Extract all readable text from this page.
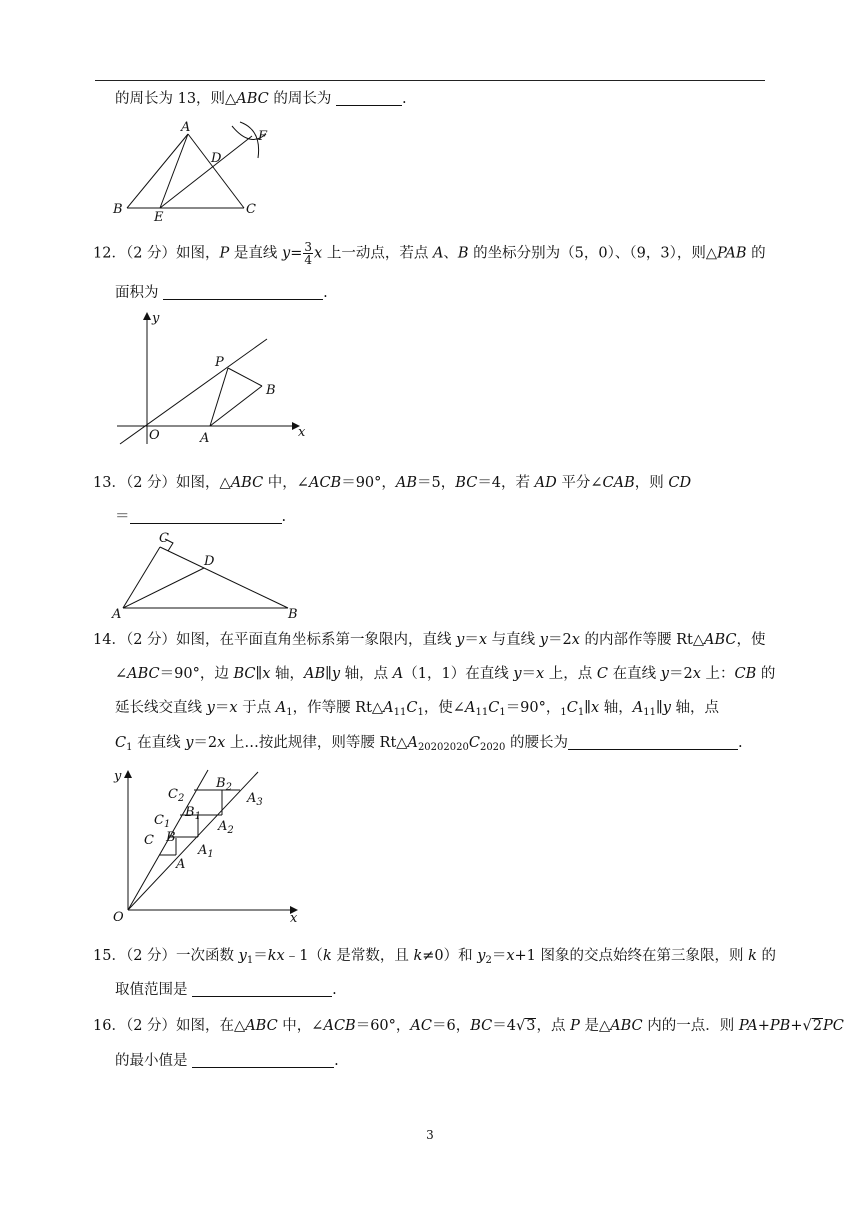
的周长为 13，则△ABC 的周长为	.
A
B	C
D
E
F
12．（2 分）如图，P 是直线 $y= \frac{3}{4}$ x 上一动点，若点 A、B 的坐标分别为（5，0）、（9，3），则△PAB 的
面积为	.
y
x
O	A
B
P
13．（2 分）如图，△ABC 中，∠ACB＝90°，AB＝5，BC＝4，若 AD 平分∠CAB，则 CD
＝	.
C
D
A	B
14．（2 分）如图，在平面直角坐标系第一象限内，直线 y＝x 与直线 y＝2x 的内部作等腰 Rt△ABC，使
∠ABC＝90°，边 BC∥x 轴，AB∥y 轴，点 A（1，1）在直线 y＝x 上，点 C 在直线 y＝2x 上：CB 的
延长线交直线 y＝x 于点 $A_1$，作等腰 $Rt\triangle A_{11}C_1$，使$\angle A_{11}C_1=90^\circ$，$_1C_1\parallel x$ 轴，$A_{11}\parallel y$ 轴，点
$C_1$ 在直线 y＝2x 上…按此规律，则等腰 $Rt\triangle A_{20202020}C_{2020}$ 的腰长为	.
y
x
O
A
B
C
$A_1$
$B_1$
$C_1$	$A_2$
$B_2$
$C_2$	$A_3$
15．（2 分）一次函数 $y_1=kx﹣1(k$ 是常数，且 k≠0）和 $y_2=x+1$ 图象的交点始终在第三象限，则 k 的
取值范围是	.
16．（2 分）如图，在△ABC 中，∠ACB＝60°，AC＝6，BC＝4√3，点 P 是△ABC 内的一点．则 PA+PB+√2PC
的最小值是	.
3
